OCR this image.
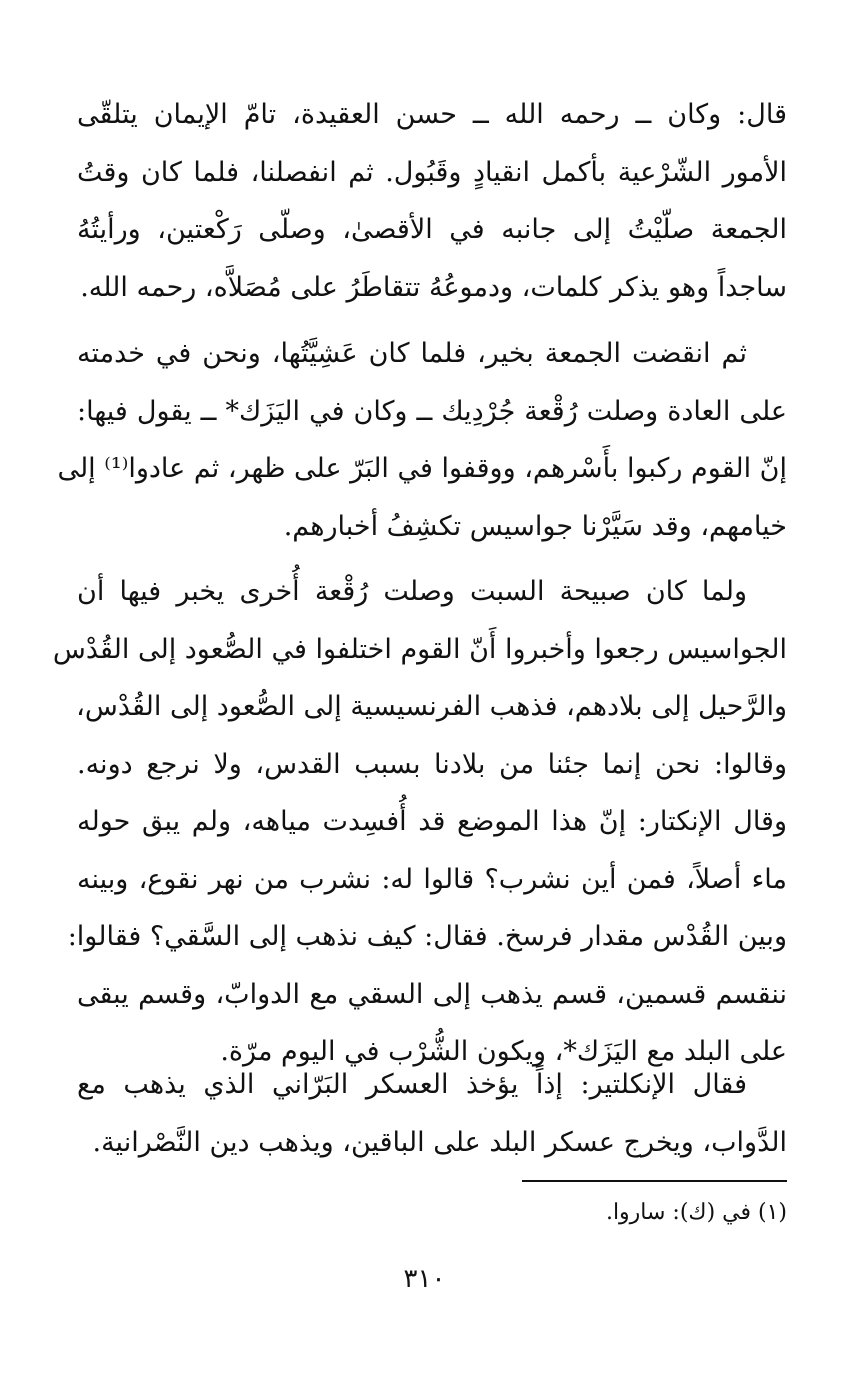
قال: وكان ــ رحمه الله ــ حسن العقيدة، تامّ الإيمان يتلقّى
الأمور الشّرْعية بأكمل انقيادٍ وقَبُول. ثم انفصلنا، فلما كان وقتُ
الجمعة صلّيْتُ إلى جانبه في الأقصىٰ، وصلّى رَكْعتين، ورأيتُهُ
ساجداً وهو يذكر كلمات، ودموعُهُ تتقاطَرُ على مُصَلاَّه، رحمه الله.
ثم انقضت الجمعة بخير، فلما كان عَشِيَّتُها، ونحن في خدمته
على العادة وصلت رُقْعة جُرْدِيك ــ وكان في اليَزَك* ــ يقول فيها:
إنّ القوم ركبوا بأَسْرهم، ووقفوا في البَرّ على ظهر، ثم عادوا⁽¹⁾ إلى
خيامهم، وقد سَيَّرْنا جواسيس تكشِفُ أخبارهم.
ولما كان صبيحة السبت وصلت رُقْعة أُخرى يخبر فيها أن
الجواسيس رجعوا وأخبروا أَنّ القوم اختلفوا في الصُّعود إلى القُدْس
والرَّحيل إلى بلادهم، فذهب الفرنسيسية إلى الصُّعود إلى القُدْس،
وقالوا: نحن إنما جئنا من بلادنا بسبب القدس، ولا نرجع دونه.
وقال الإنكتار: إنّ هذا الموضع قد أُفسِدت مياهه، ولم يبق حوله
ماء أصلاً، فمن أين نشرب؟ قالوا له: نشرب من نهر نقوع، وبينه
وبين القُدْس مقدار فرسخ. فقال: كيف نذهب إلى السَّقي؟ فقالوا:
ننقسم قسمين، قسم يذهب إلى السقي مع الدوابّ، وقسم يبقى
على البلد مع اليَزَك*، ويكون الشُّرْب في اليوم مرّة.
فقال الإنكلتير: إذاً يؤخذ العسكر البَرّاني الذي يذهب مع
الدَّواب، ويخرج عسكر البلد على الباقين، ويذهب دين النَّصْرانية.
(١) في (ك): ساروا.
٣١٠
